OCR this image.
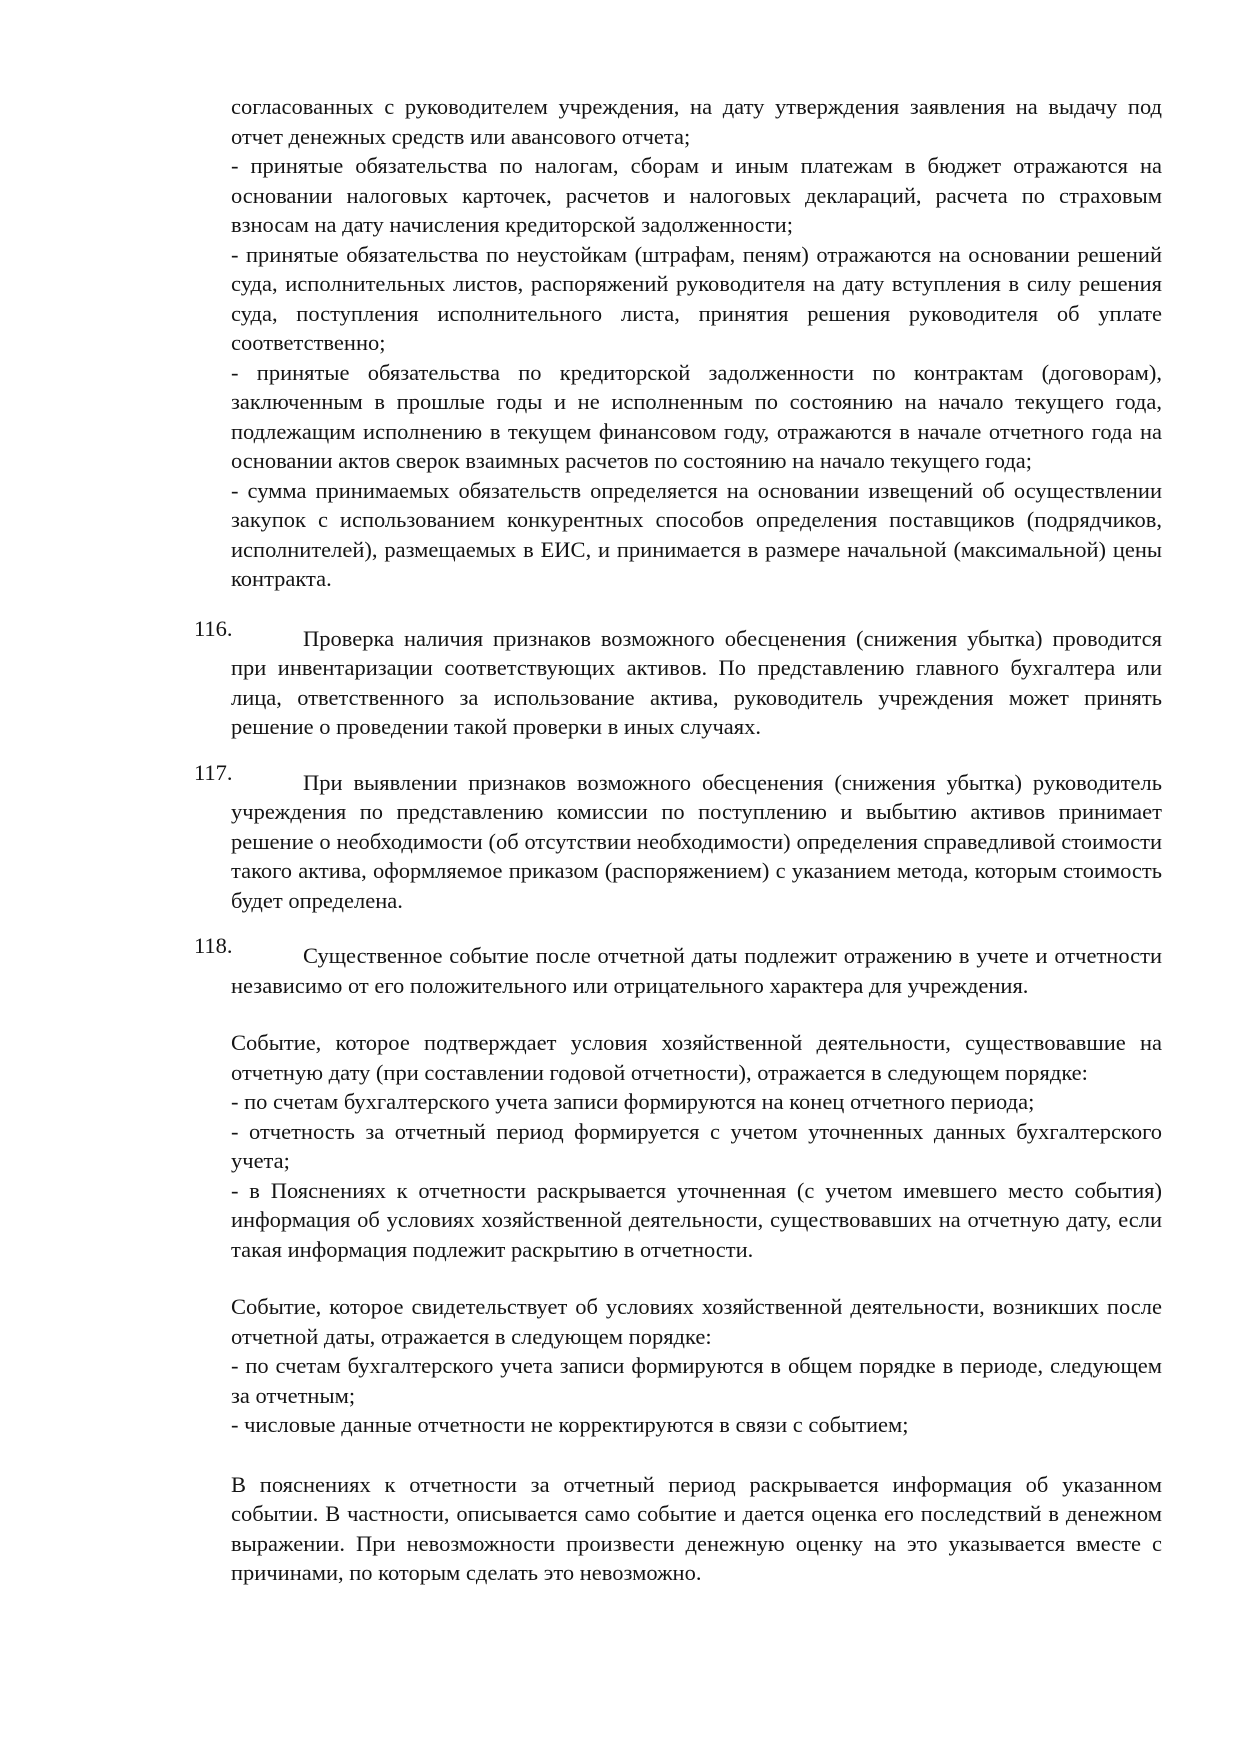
согласованных с руководителем учреждения, на дату утверждения заявления на выдачу под отчет денежных средств или авансового отчета;

- принятые обязательства по налогам, сборам и иным платежам в бюджет отражаются на основании налоговых карточек, расчетов и налоговых деклараций, расчета по страховым взносам на дату начисления кредиторской задолженности;

- принятые обязательства по неустойкам (штрафам, пеням) отражаются на основании решений суда, исполнительных листов, распоряжений руководителя на дату вступления в силу решения суда, поступления исполнительного листа, принятия решения руководителя об уплате соответственно;

- принятые обязательства по кредиторской задолженности по контрактам (договорам), заключенным в прошлые годы и не исполненным по состоянию на начало текущего года, подлежащим исполнению в текущем финансовом году, отражаются в начале отчетного года на основании актов сверок взаимных расчетов по состоянию на начало текущего года;

- сумма принимаемых обязательств определяется на основании извещений об осуществлении закупок с использованием конкурентных способов определения поставщиков (подрядчиков, исполнителей), размещаемых в ЕИС, и принимается в размере начальной (максимальной) цены контракта.

116.	Проверка наличия признаков возможного обесценения (снижения убытка) проводится при инвентаризации соответствующих активов. По представлению главного бухгалтера или лица, ответственного за использование актива, руководитель учреждения может принять решение о проведении такой проверки в иных случаях.

117.	При выявлении признаков возможного обесценения (снижения убытка) руководитель учреждения по представлению комиссии по поступлению и выбытию активов принимает решение о необходимости (об отсутствии необходимости) определения справедливой стоимости такого актива, оформляемое приказом (распоряжением) с указанием метода, которым стоимость будет определена.

118.	Существенное событие после отчетной даты подлежит отражению в учете и отчетности независимо от его положительного или отрицательного характера для учреждения.

Событие, которое подтверждает условия хозяйственной деятельности, существовавшие на отчетную дату (при составлении годовой отчетности), отражается в следующем порядке:

- по счетам бухгалтерского учета записи формируются на конец отчетного периода;

- отчетность за отчетный период формируется с учетом уточненных данных бухгалтерского учета;

- в Пояснениях к отчетности раскрывается уточненная (с учетом имевшего место события) информация об условиях хозяйственной деятельности, существовавших на отчетную дату, если такая информация подлежит раскрытию в отчетности.

Событие, которое свидетельствует об условиях хозяйственной деятельности, возникших после отчетной даты, отражается в следующем порядке:

- по счетам бухгалтерского учета записи формируются в общем порядке в периоде, следующем за отчетным;

- числовые данные отчетности не корректируются в связи с событием;

В пояснениях к отчетности за отчетный период раскрывается информация об указанном событии. В частности, описывается само событие и дается оценка его последствий в денежном выражении. При невозможности произвести денежную оценку на это указывается вместе с причинами, по которым сделать это невозможно.
